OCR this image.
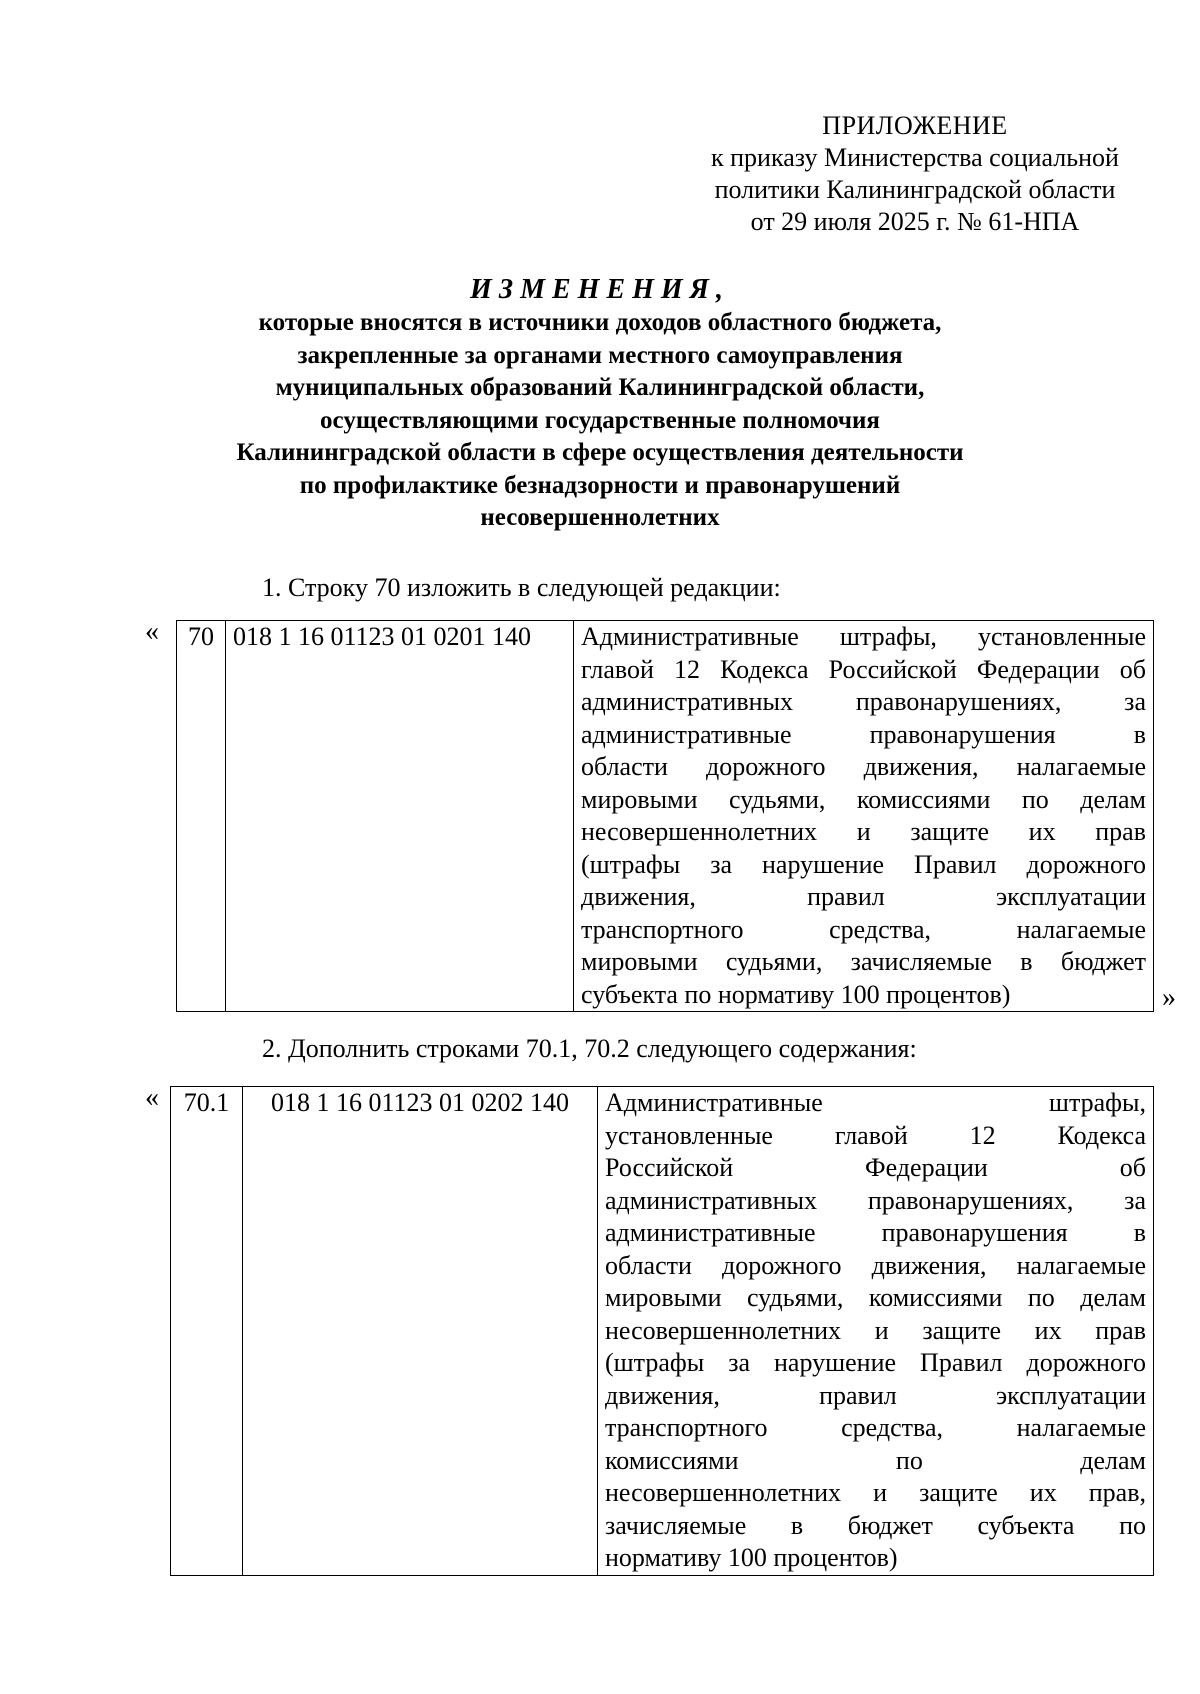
ПРИЛОЖЕНИЕ
к приказу Министерства социальной
политики Калининградской области
от 29 июля 2025 г. № 61-НПА
ИЗМЕНЕНИЯ,
которые вносятся в источники доходов областного бюджета,
закрепленные за органами местного самоуправления
муниципальных образований Калининградской области,
осуществляющими государственные полномочия
Калининградской области в сфере осуществления деятельности
по профилактике безнадзорности и правонарушений
несовершеннолетних
1. Строку 70 изложить в следующей редакции:
« 70	018 1 16 01123 01 0201 140	Административные штрафы, установленные
главой 12 Кодекса Российской Федерации об
административных правонарушениях, за
административные правонарушения в
области дорожного движения, налагаемые
мировыми судьями, комиссиями по делам
несовершеннолетних и защите их прав
(штрафы за нарушение Правил дорожного
движения, правил эксплуатации
транспортного средства, налагаемые
мировыми судьями, зачисляемые в бюджет
субъекта по нормативу 100 процентов)	»
2. Дополнить строками 70.1, 70.2 следующего содержания:
« 70.1	018 1 16 01123 01 0202 140	Административные штрафы,
установленные главой 12 Кодекса
Российской Федерации об
административных правонарушениях, за
административные правонарушения в
области дорожного движения, налагаемые
мировыми судьями, комиссиями по делам
несовершеннолетних и защите их прав
(штрафы за нарушение Правил дорожного
движения, правил эксплуатации
транспортного средства, налагаемые
комиссиями по делам
несовершеннолетних и защите их прав,
зачисляемые в бюджет субъекта по
нормативу 100 процентов)
